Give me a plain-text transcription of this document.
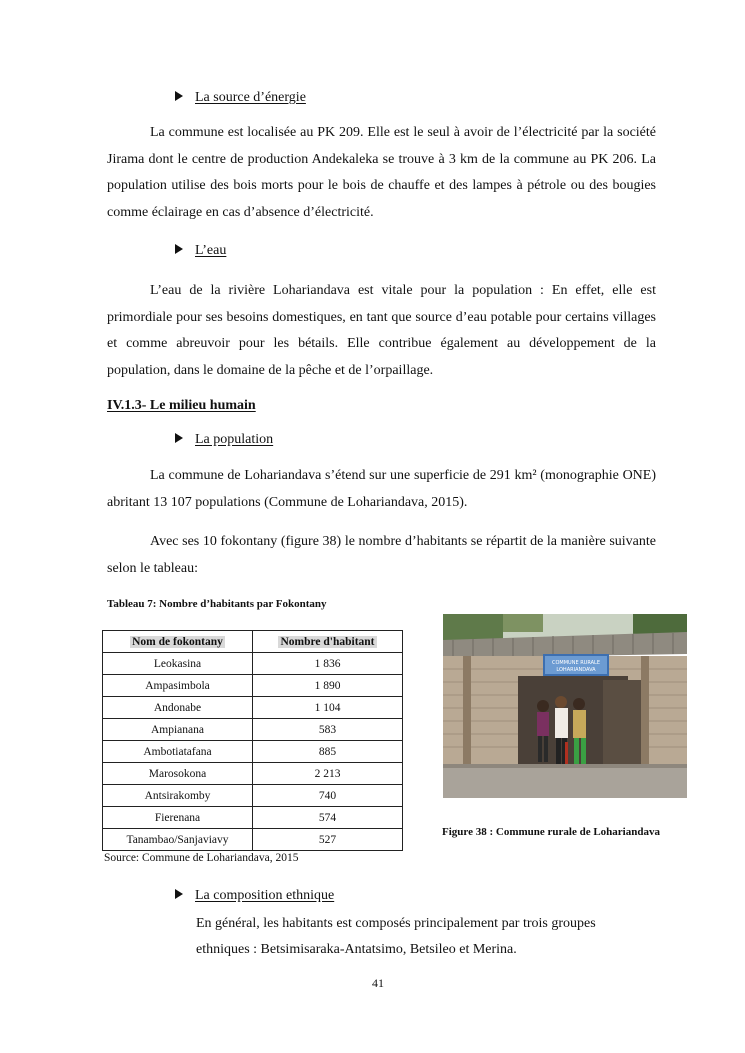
La source d’énergie
La commune est localisée au PK 209. Elle est le seul à avoir de l’électricité par la société Jirama dont le centre de production Andekaleka se trouve à 3 km de la commune au PK 206. La population utilise des bois morts pour le bois de chauffe et des lampes à pétrole ou des bougies comme éclairage en cas d’absence d’électricité.
L’eau
L’eau de la rivière Lohariandava est vitale pour la population : En effet, elle est primordiale pour ses besoins domestiques, en tant que source d’eau potable pour certains villages et comme abreuvoir pour les bétails. Elle contribue également au développement de la population, dans le domaine de la pêche et de l’orpaillage.
IV.1.3- Le milieu humain
La population
La commune de Lohariandava s’étend sur une superficie de 291 km² (monographie ONE) abritant 13 107 populations (Commune de Lohariandava, 2015).
Avec ses 10 fokontany (figure 38) le nombre d’habitants se répartit de la manière suivante selon le tableau:
Tableau 7: Nombre d’habitants par Fokontany
Nom de fokontany	Nombre d'habitant
Leokasina	1 836
Ampasimbola	1 890
Andonabe	1 104
Ampianana	583
Ambotiatafana	885
Marosokona	2 213
Antsirakomby	740
Fierenana	574
Tanambao/Sanjaviavy	527
Source: Commune de Lohariandava, 2015
COMMUNE RURALE
LOHARIANDAVA
Figure 38 : Commune rurale de Lohariandava
La composition ethnique
En général, les habitants est composés principalement par trois groupes
ethniques : Betsimisaraka-Antatsimo, Betsileo et Merina.
41
